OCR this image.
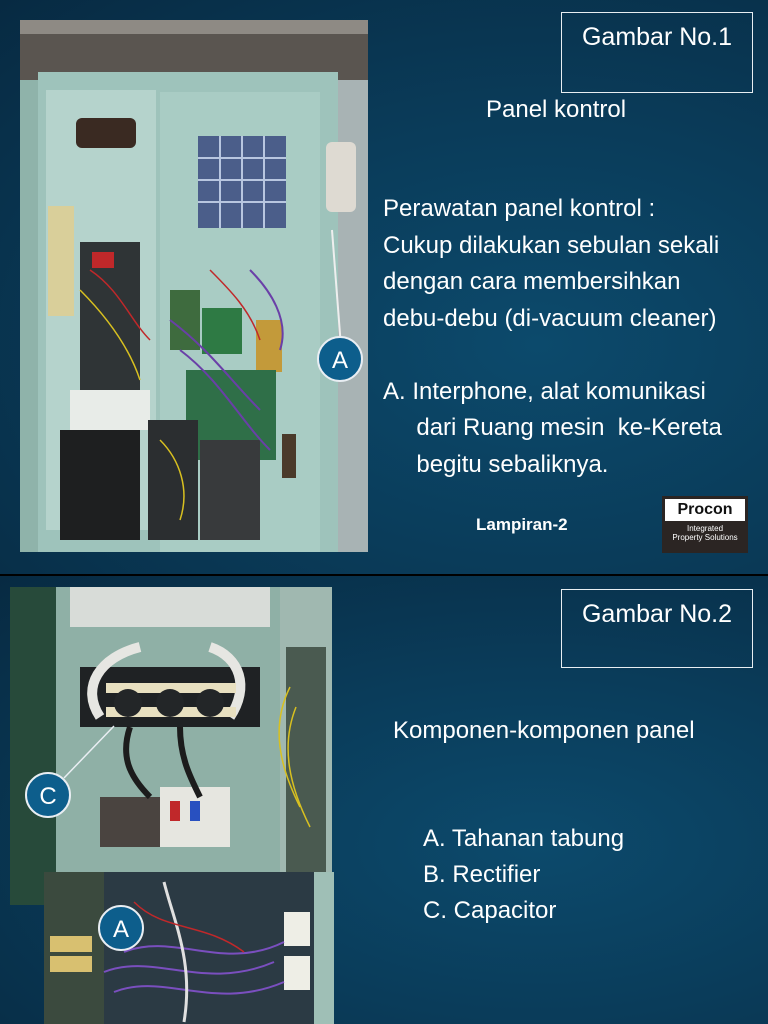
Gambar No.1
Panel kontrol
Perawatan panel kontrol :
Cukup dilakukan sebulan sekali
dengan cara membersihkan
debu-debu (di-vacuum cleaner)

A. Interphone, alat komunikasi
dari Ruang mesin  ke-Kereta
begitu sebaliknya.
A
Lampiran-2
Procon
Integrated
Property Solutions
Gambar No.2
Komponen-komponen panel
A. Tahanan tabung
B. Rectifier
C. Capacitor
C
A
